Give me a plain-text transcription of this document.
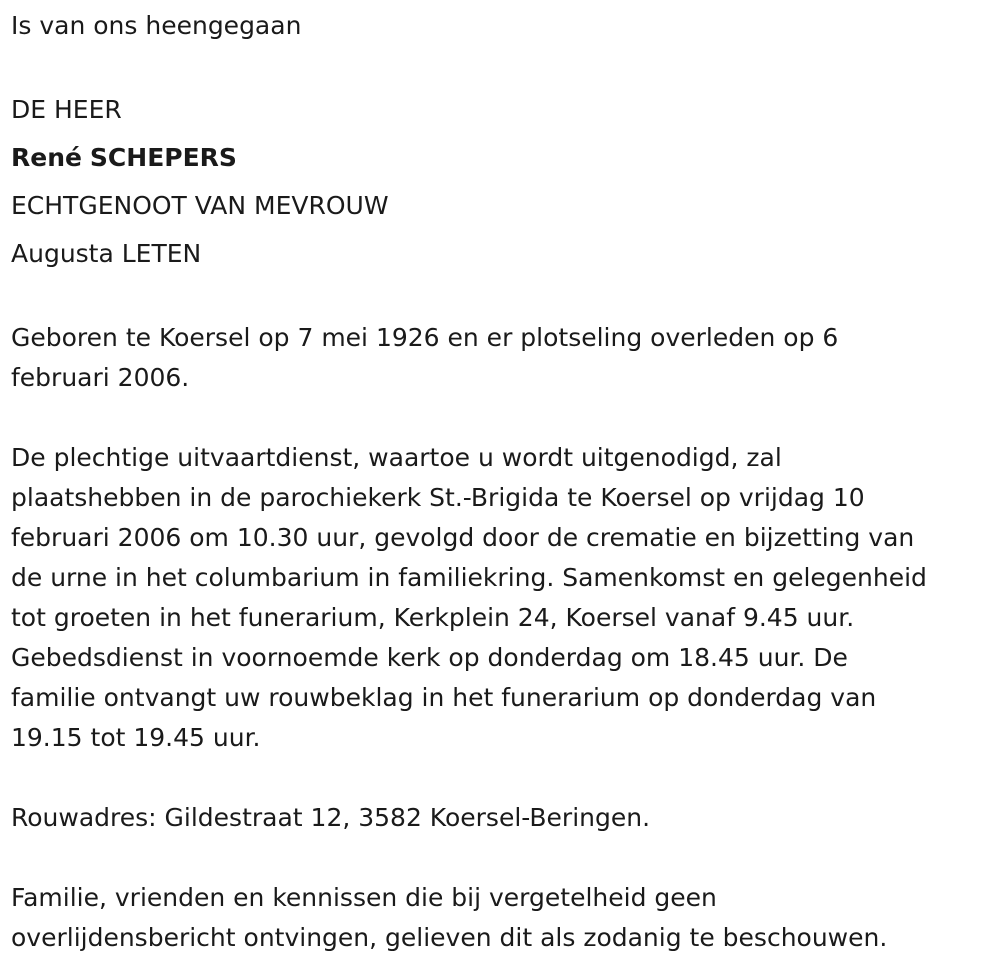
Is van ons heengegaan

DE HEER

René SCHEPERS

ECHTGENOOT VAN MEVROUW

Augusta LETEN

Geboren te Koersel op 7 mei 1926 en er plotseling overleden op 6
februari 2006.

De plechtige uitvaartdienst, waartoe u wordt uitgenodigd, zal
plaatshebben in de parochiekerk St.-Brigida te Koersel op vrijdag 10
februari 2006 om 10.30 uur, gevolgd door de crematie en bijzetting van
de urne in het columbarium in familiekring. Samenkomst en gelegenheid
tot groeten in het funerarium, Kerkplein 24, Koersel vanaf 9.45 uur.
Gebedsdienst in voornoemde kerk op donderdag om 18.45 uur. De
familie ontvangt uw rouwbeklag in het funerarium op donderdag van
19.15 tot 19.45 uur.

Rouwadres: Gildestraat 12, 3582 Koersel-Beringen.

Familie, vrienden en kennissen die bij vergetelheid geen
overlijdensbericht ontvingen, gelieven dit als zodanig te beschouwen.
